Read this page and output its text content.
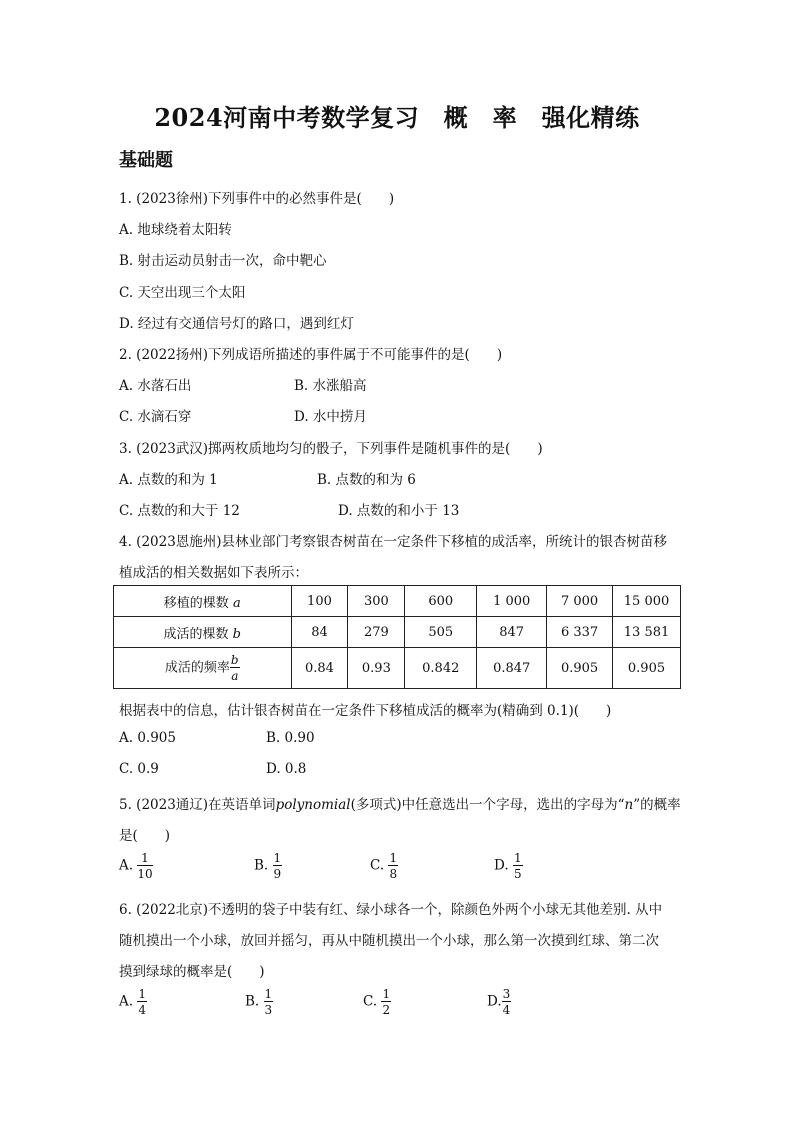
2024河南中考数学复习　概　率　强化精练
基础题
1. (2023徐州)下列事件中的必然事件是(　　)
A. 地球绕着太阳转
B. 射击运动员射击一次，命中靶心
C. 天空出现三个太阳
D. 经过有交通信号灯的路口，遇到红灯
2. (2022扬州)下列成语所描述的事件属于不可能事件的是(　　)
A. 水落石出	B. 水涨船高
C. 水滴石穿	D. 水中捞月
3. (2023武汉)掷两枚质地均匀的骰子，下列事件是随机事件的是(　　)
A. 点数的和为 1	B. 点数的和为 6
C. 点数的和大于 12	D. 点数的和小于 13
4. (2023恩施州)县林业部门考察银杏树苗在一定条件下移植的成活率，所统计的银杏树苗移
植成活的相关数据如下表所示：
移植的棵数 a	100	300	600	1 000	7 000	15 000
成活的棵数 b	84	279	505	847	6 337	13 581
成活的频率 $\frac{b}{a}$	0.84	0.93	0.842	0.847	0.905	0.905
根据表中的信息，估计银杏树苗在一定条件下移植成活的概率为(精确到 0.1)(　　)
A. 0.905	B. 0.90
C. 0.9	D. 0.8
5. (2023通辽)在英语单词polynomial(多项式)中任意选出一个字母，选出的字母为“n”的概率
是(　　)
A. $\frac{1}{10}$	B. $\frac{1}{9}$	C. $\frac{1}{8}$	D. $\frac{1}{5}$
6. (2022北京)不透明的袋子中装有红、绿小球各一个，除颜色外两个小球无其他差别. 从中
随机摸出一个小球，放回并摇匀，再从中随机摸出一个小球，那么第一次摸到红球、第二次
摸到绿球的概率是(　　)
A. $\frac{1}{4}$	B. $\frac{1}{3}$	C. $\frac{1}{2}$	D. $\frac{3}{4}$
